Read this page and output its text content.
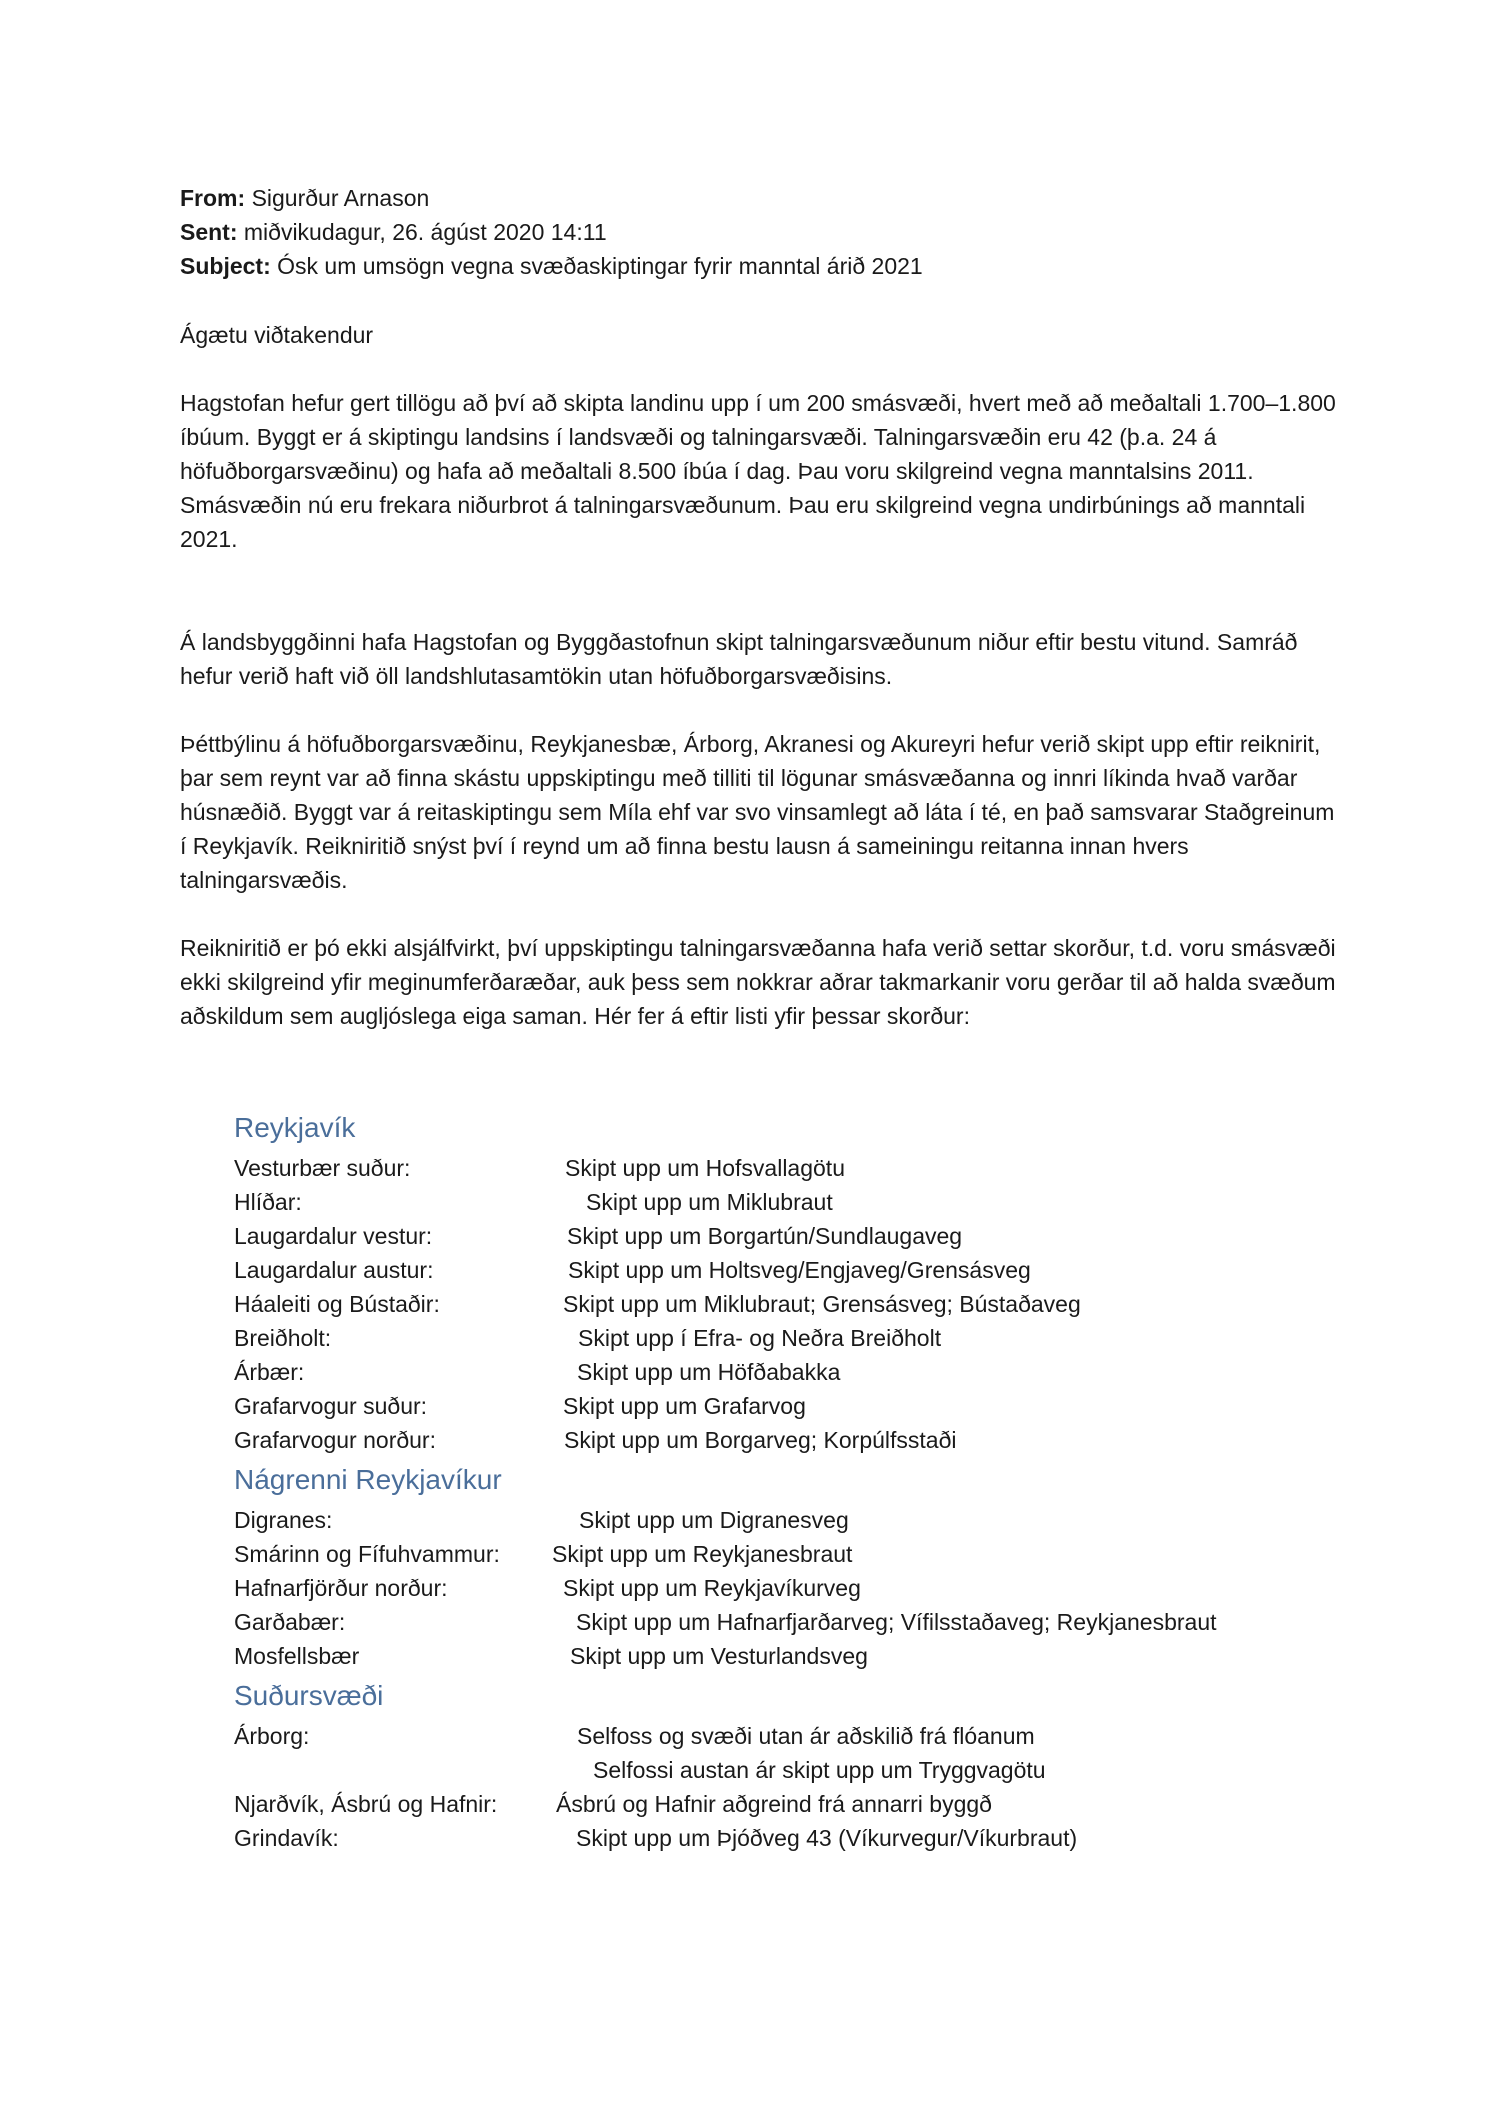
From: Sigurður Arnason
Sent: miðvikudagur, 26. ágúst 2020 14:11
Subject: Ósk um umsögn vegna svæðaskiptingar fyrir manntal árið 2021
Ágætu viðtakendur

Hagstofan hefur gert tillögu að því að skipta landinu upp í um 200 smásvæði, hvert með að meðaltali 1.700–1.800 íbúum. Byggt er á skiptingu landsins í landsvæði og talningarsvæði. Talningarsvæðin eru 42 (þ.a. 24 á höfuðborgarsvæðinu) og hafa að meðaltali 8.500 íbúa í dag. Þau voru skilgreind vegna manntalsins 2011. Smásvæðin nú eru frekara niðurbrot á talningarsvæðunum. Þau eru skilgreind vegna undirbúnings að manntali 2021.

Á landsbyggðinni hafa Hagstofan og Byggðastofnun skipt talningarsvæðunum niður eftir bestu vitund. Samráð hefur verið haft við öll landshlutasamtökin utan höfuðborgarsvæðisins.

Þéttbýlinu á höfuðborgarsvæðinu, Reykjanesbæ, Árborg, Akranesi og Akureyri hefur verið skipt upp eftir reiknirit, þar sem reynt var að finna skástu uppskiptingu með tilliti til lögunar smásvæðanna og innri líkinda hvað varðar húsnæðið. Byggt var á reitaskiptingu sem Míla ehf var svo vinsamlegt að láta í té, en það samsvarar Staðgreinum í Reykjavík. Reikniritið snýst því í reynd um að finna bestu lausn á sameiningu reitanna innan hvers talningarsvæðis.

Reikniritið er þó ekki alsjálfvirkt, því uppskiptingu talningarsvæðanna hafa verið settar skorður, t.d. voru smásvæði ekki skilgreind yfir meginumferðaræðar, auk þess sem nokkrar aðrar takmarkanir voru gerðar til að halda svæðum aðskildum sem augljóslega eiga saman. Hér fer á eftir listi yfir þessar skorður:

Reykjavík
Vesturbær suður:	Skipt upp um Hofsvallagötu
Hlíðar:	Skipt upp um Miklubraut
Laugardalur vestur:	Skipt upp um Borgartún/Sundlaugaveg
Laugardalur austur:	Skipt upp um Holtsveg/Engjaveg/Grensásveg
Háaleiti og Bústaðir:	Skipt upp um Miklubraut; Grensásveg; Bústaðaveg
Breiðholt:	Skipt upp í Efra- og Neðra Breiðholt
Árbær:	Skipt upp um Höfðabakka
Grafarvogur suður:	Skipt upp um Grafarvog
Grafarvogur norður:	Skipt upp um Borgarveg; Korpúlfsstaði
Nágrenni Reykjavíkur
Digranes:	Skipt upp um Digranesveg
Smárinn og Fífuhvammur: Skipt upp um Reykjanesbraut
Hafnarfjörður norður:	Skipt upp um Reykjavíkurveg
Garðabær:	Skipt upp um Hafnarfjarðarveg; Vífilsstaðaveg; Reykjanesbraut
Mosfellsbær	Skipt upp um Vesturlandsveg
Suðursvæði
Árborg:	Selfoss og svæði utan ár aðskilið frá flóanum
Selfossi austan ár skipt upp um Tryggvagötu
Njarðvík, Ásbrú og Hafnir:	Ásbrú og Hafnir aðgreind frá annarri byggð
Grindavík:	Skipt upp um Þjóðveg 43 (Víkurvegur/Víkurbraut)
